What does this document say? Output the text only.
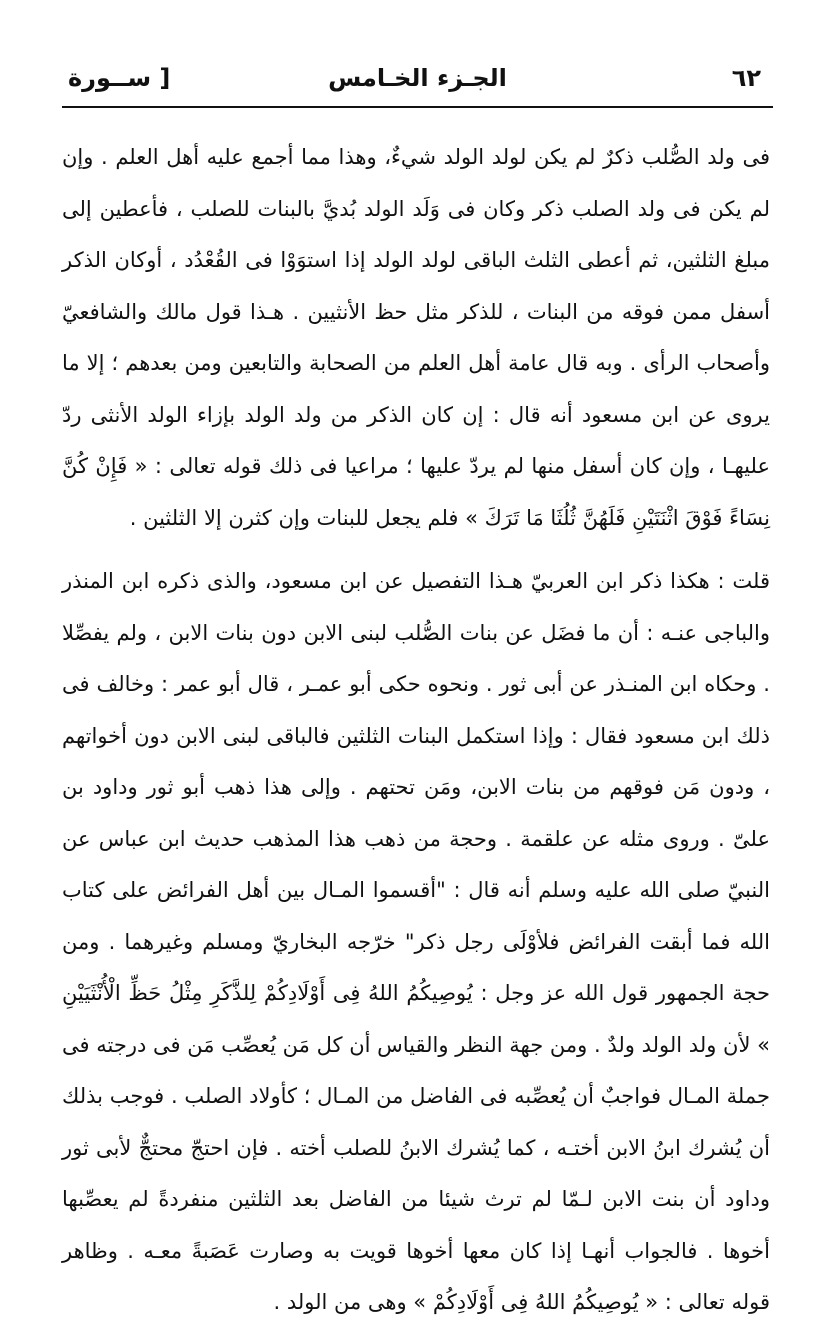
٦٢
الجـزء الخـامس
[ ســورة

فى ولد الصُّلب ذكرٌ لم يكن لولد الولد شيءٌ، وهذا مما أجمع عليه أهل العلم . وإن لم يكن فى ولد الصلب ذكر وكان فى وَلَد الولد بُديَّ بالبنات للصلب ، فأعطين إلى مبلغ الثلثين، ثم أعطى الثلث الباقى لولد الولد إذا استوَوْا فى القُعْدُد ، أوكان الذكر أسفل ممن فوقه من البنات ، للذكر مثل حظ الأنثيين . هـذا قول مالك والشافعيّ وأصحاب الرأى . وبه قال عامة أهل العلم من الصحابة والتابعين ومن بعدهم ؛ إلا ما يروى عن ابن مسعود أنه قال : إن كان الذكر من ولد الولد بإزاء الولد الأنثى ردّ عليهـا ، وإن كان أسفل منها لم يردّ عليها ؛ مراعيا فى ذلك قوله تعالى : « فَإِنْ كُنَّ نِسَاءً فَوْقَ اثْنَتَيْنِ فَلَهُنَّ ثُلُثَا مَا تَرَكَ » فلم يجعل للبنات وإن كثرن إلا الثلثين .

قلت : هكذا ذكر ابن العربيّ هـذا التفصيل عن ابن مسعود، والذى ذكره ابن المنذر والباجى عنـه : أن ما فضَل عن بنات الصُّلب لبنى الابن دون بنات الابن ، ولم يفصِّلا . وحكاه ابن المنـذر عن أبى ثور . ونحوه حكى أبو عمـر ، قال أبو عمر : وخالف فى ذلك ابن مسعود فقال : وإذا استكمل البنات الثلثين فالباقى لبنى الابن دون أخواتهم ، ودون مَن فوقهم من بنات الابن، ومَن تحتهم . وإلى هذا ذهب أبو ثور وداود بن علىّ . وروى مثله عن علقمة . وحجة من ذهب هذا المذهب حديث ابن عباس عن النبيّ صلى الله عليه وسلم أنه قال : "أقسموا المـال بين أهل الفرائض على كتاب الله فما أبقت الفرائض فلأوْلَى رجل ذكر" خرّجه البخاريّ ومسلم وغيرهما . ومن حجة الجمهور قول الله عز وجل : يُوصِيكُمُ اللهُ فِى أَوْلَادِكُمْ لِلذَّكَرِ مِثْلُ حَظِّ الْأُنْثَيَيْنِ » لأن ولد الولد ولدٌ . ومن جهة النظر والقياس أن كل مَن يُعصِّب مَن فى درجته فى جملة المـال فواجبٌ أن يُعصِّبه فى الفاضل من المـال ؛ كأولاد الصلب . فوجب بذلك أن يُشرك ابنُ الابن أختـه ، كما يُشرك الابنُ للصلب أخته . فإن احتجّ محتجٌّ لأبى ثور وداود أن بنت الابن لـمّا لم ترث شيئا من الفاضل بعد الثلثين منفردةً لم يعصِّبها أخوها . فالجواب أنهـا إذا كان معها أخوها قويت به وصارت عَصَبةً معـه . وظاهر قوله تعالى : « يُوصِيكُمُ اللهُ فِى أَوْلَادِكُمْ » وهى من الولد .
